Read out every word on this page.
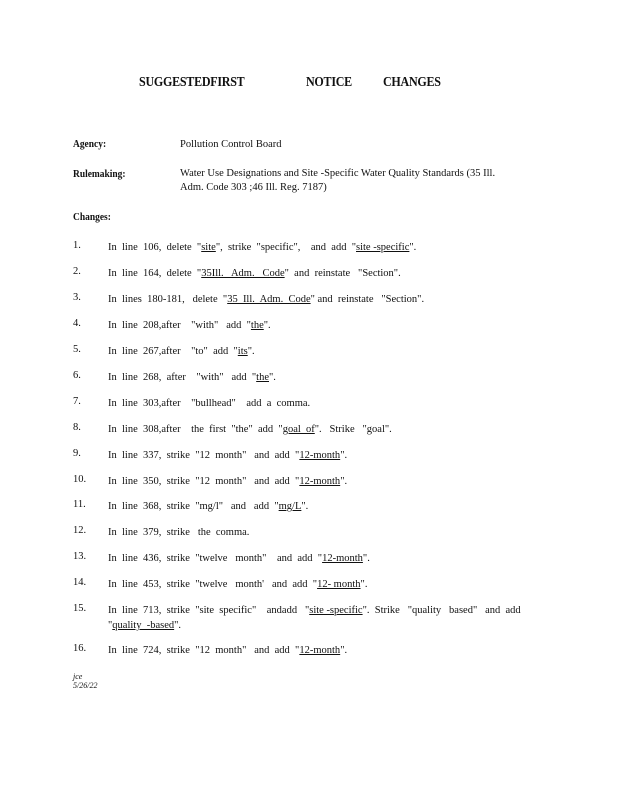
SUGGESTEDFIRST	NOTICE CHANGES
Agency:	Pollution Control Board
Rulemaking:	Water Use Designations and Site -Specific Water Quality Standards (35 Ill.
Adm. Code 303 ;46 Ill. Reg. 7187)
Changes:
1.	In  line  106,  delete  "site",  strike  "specific",    and  add  "site -specific".
2.	In  line  164,  delete  "35Ill.   Adm.   Code"  and  reinstate   "Section".
3.	In  lines  180-181,   delete  "35  Ill.  Adm.  Code" and  reinstate   "Section".
4.	In  line  208,after    "with"   add  "the".
5.	In  line  267,after    "to"  add  "its".
6.	In  line  268,  after    "with"   add  "the".
7.	In  line  303,after    "bullhead"    add  a  comma.
8.	In  line  308,after    the  first  "the"  add  "goal  of".   Strike   "goal".
9.	In  line  337,  strike  "12  month"   and  add  "12-month".
10. In  line  350,  strike  "12  month"   and  add  "12-month".
11. In  line  368,  strike  "mg/l"   and   add  "mg/L".
12. In  line  379,  strike   the  comma.
13. In  line  436,  strike  "twelve   month"    and  add  "12-month".
14. In  line  453,  strike  "twelve   month'   and  add  "12- month".
15. In  line  713,  strike  "site  specific"    andadd   "site -specific".  Strike   "quality   based"   and  add
"quality  -based".
16. In  line  724,  strike  "12  month"   and  add  "12-month".
jce
5/26/22
